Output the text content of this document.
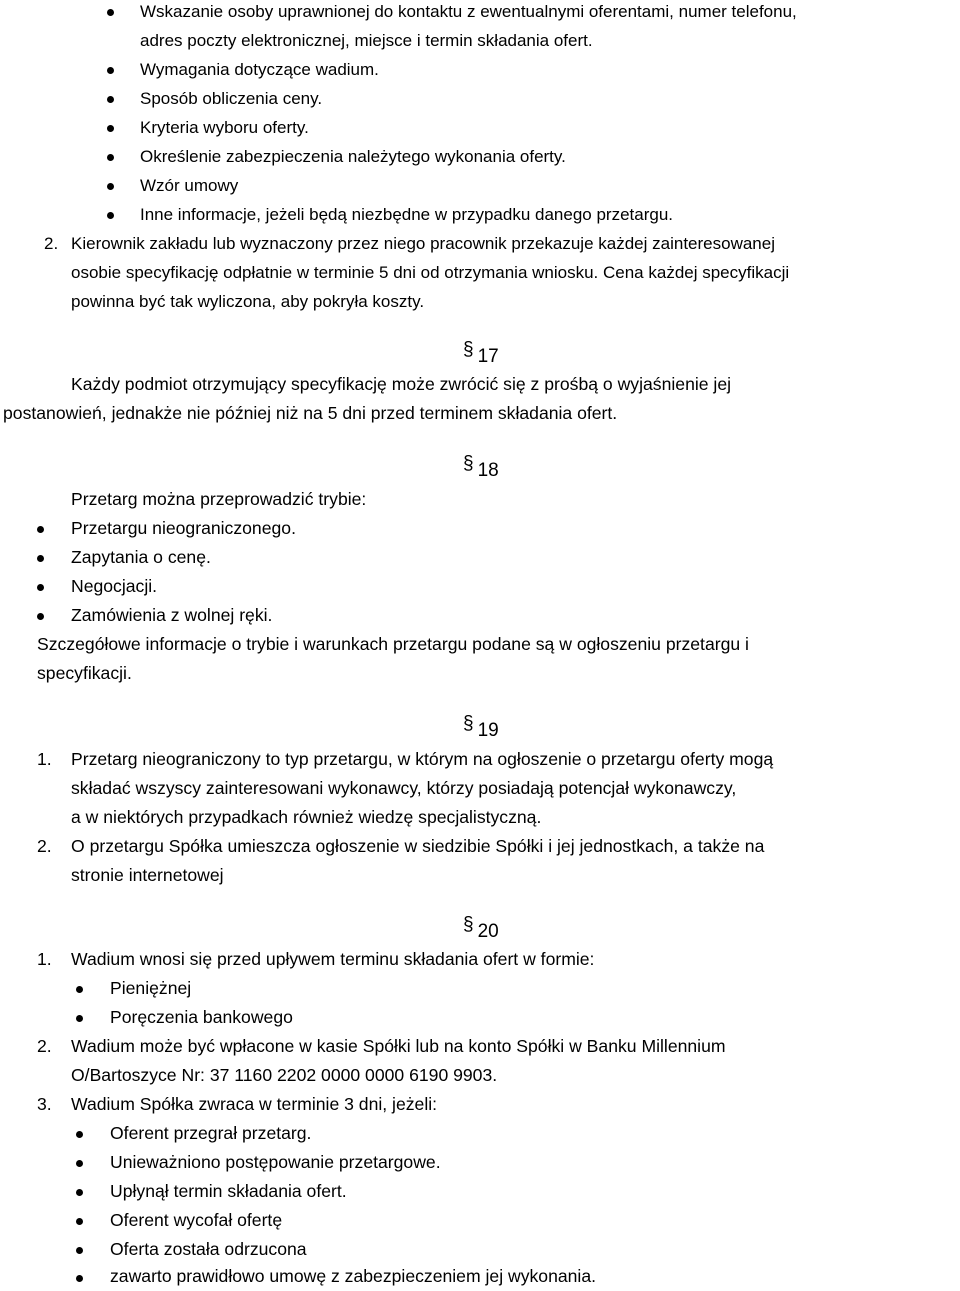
Wskazanie osoby uprawnionej do kontaktu z ewentualnymi oferentami, numer telefonu,
adres poczty elektronicznej, miejsce i termin składania ofert.
Wymagania dotyczące wadium.
Sposób obliczenia ceny.
Kryteria wyboru oferty.
Określenie zabezpieczenia należytego wykonania oferty.
Wzór umowy
Inne informacje, jeżeli będą niezbędne w przypadku danego przetargu.
2. Kierownik zakładu lub wyznaczony przez niego pracownik przekazuje każdej zainteresowanej
osobie specyfikację odpłatnie w terminie 5 dni od otrzymania wniosku. Cena każdej specyfikacji
powinna być tak wyliczona, aby pokryła koszty.
§ 17
Każdy podmiot otrzymujący specyfikację może zwrócić się z prośbą o wyjaśnienie jej
postanowień, jednakże nie później niż na 5 dni przed terminem składania ofert.
§ 18
Przetarg można przeprowadzić trybie:
Przetargu nieograniczonego.
Zapytania o cenę.
Negocjacji.
Zamówienia z wolnej ręki.
Szczegółowe informacje o trybie i warunkach przetargu podane są w ogłoszeniu przetargu i
specyfikacji.
§ 19
1. Przetarg nieograniczony to typ przetargu, w którym na ogłoszenie o przetargu oferty mogą
składać wszyscy zainteresowani wykonawcy, którzy posiadają potencjał wykonawczy,
a w niektórych przypadkach również wiedzę specjalistyczną.
2. O przetargu Spółka umieszcza ogłoszenie w siedzibie Spółki i jej jednostkach, a także na
stronie internetowej
§ 20
1. Wadium wnosi się przed upływem terminu składania ofert w formie:
Pieniężnej
Poręczenia bankowego
2. Wadium może być wpłacone w kasie Spółki lub na konto Spółki w Banku Millennium
O/Bartoszyce Nr: 37 1160 2202 0000 0000 6190 9903.
3. Wadium Spółka zwraca w terminie 3 dni, jeżeli:
Oferent przegrał przetarg.
Unieważniono postępowanie przetargowe.
Upłynął termin składania ofert.
Oferent wycofał ofertę
Oferta została odrzucona
zawarto prawidłowo umowę z zabezpieczeniem jej wykonania.
